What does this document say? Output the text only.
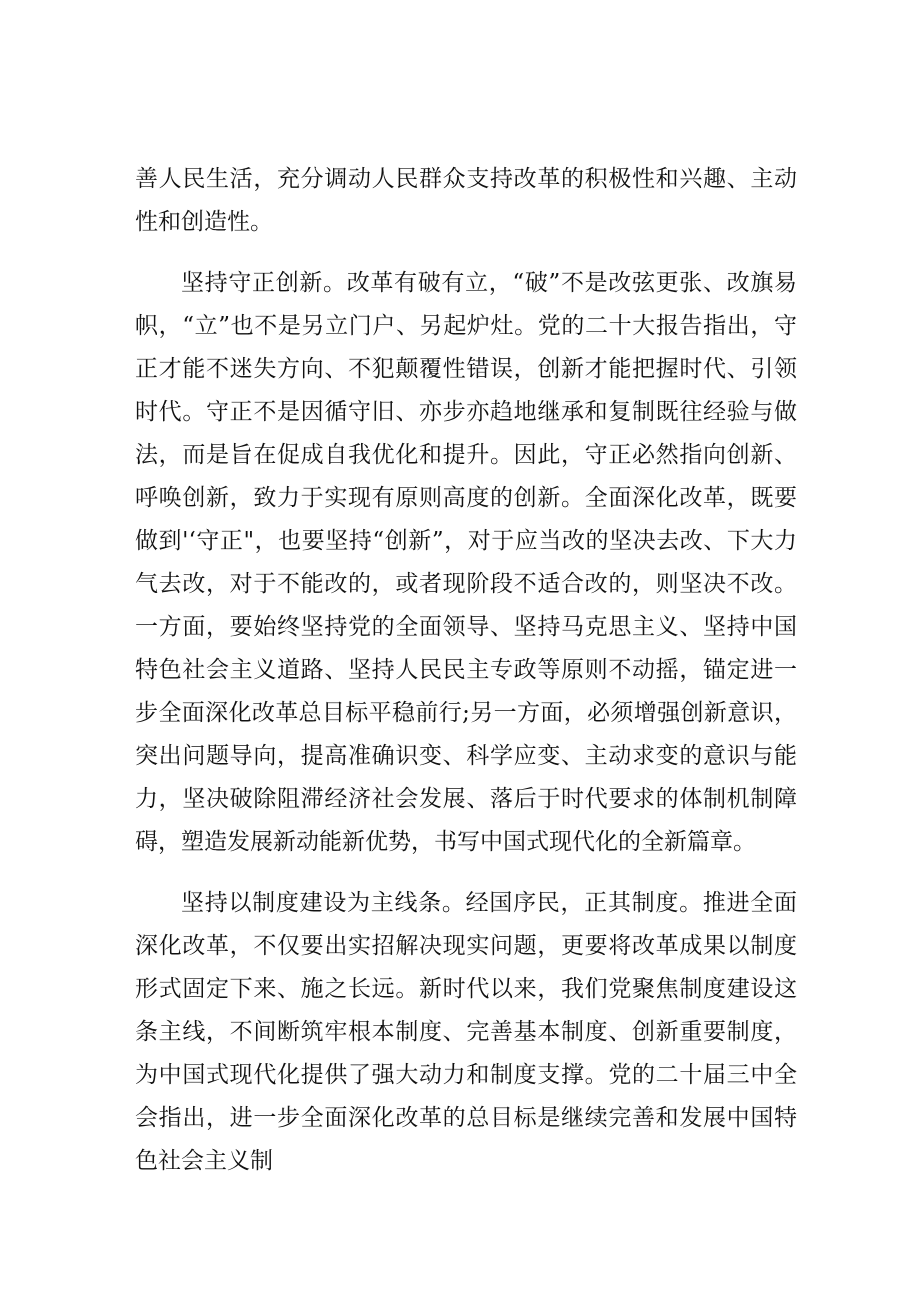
善人民生活，充分调动人民群众支持改革的积极性和兴趣、主动性和创造性。

坚持守正创新。改革有破有立，“破”不是改弦更张、改旗易帜，“立”也不是另立门户、另起炉灶。党的二十大报告指出，守正才能不迷失方向、不犯颠覆性错误，创新才能把握时代、引领时代。守正不是因循守旧、亦步亦趋地继承和复制既往经验与做法，而是旨在促成自我优化和提升。因此，守正必然指向创新、呼唤创新，致力于实现有原则高度的创新。全面深化改革，既要做到'‘守正"，也要坚持“创新”，对于应当改的坚决去改、下大力气去改，对于不能改的，或者现阶段不适合改的，则坚决不改。一方面，要始终坚持党的全面领导、坚持马克思主义、坚持中国特色社会主义道路、坚持人民民主专政等原则不动摇，锚定进一步全面深化改革总目标平稳前行;另一方面，必须增强创新意识，突出问题导向，提高准确识变、科学应变、主动求变的意识与能力，坚决破除阻滞经济社会发展、落后于时代要求的体制机制障碍，塑造发展新动能新优势，书写中国式现代化的全新篇章。

坚持以制度建设为主线条。经国序民，正其制度。推进全面深化改革，不仅要出实招解决现实问题，更要将改革成果以制度形式固定下来、施之长远。新时代以来，我们党聚焦制度建设这条主线，不间断筑牢根本制度、完善基本制度、创新重要制度，为中国式现代化提供了强大动力和制度支撑。党的二十届三中全会指出，进一步全面深化改革的总目标是继续完善和发展中国特色社会主义制
